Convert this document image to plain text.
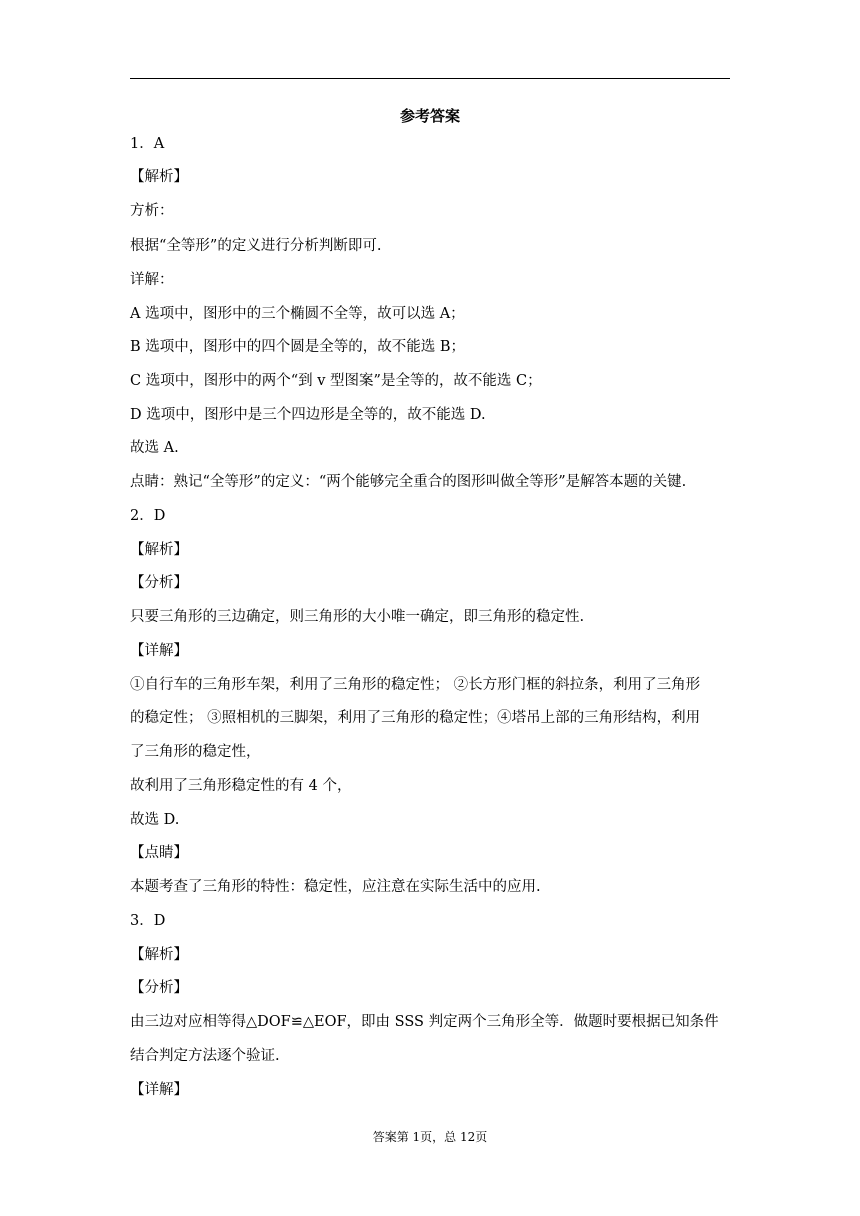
参考答案
1．A
【解析】
方析：
根据“全等形”的定义进行分析判断即可.
详解：
A 选项中，图形中的三个椭圆不全等，故可以选 A；
B 选项中，图形中的四个圆是全等的，故不能选 B；
C 选项中，图形中的两个“到 v 型图案”是全等的，故不能选 C；
D 选项中，图形中是三个四边形是全等的，故不能选 D.
故选 A.
点睛：熟记“全等形”的定义：“两个能够完全重合的图形叫做全等形”是解答本题的关键.
2．D
【解析】
【分析】
只要三角形的三边确定，则三角形的大小唯一确定，即三角形的稳定性.
【详解】
①自行车的三角形车架，利用了三角形的稳定性； ②长方形门框的斜拉条，利用了三角形
的稳定性； ③照相机的三脚架，利用了三角形的稳定性；④塔吊上部的三角形结构，利用
了三角形的稳定性，
故利用了三角形稳定性的有 4 个，
故选 D.
【点睛】
本题考查了三角形的特性：稳定性，应注意在实际生活中的应用.
3．D
【解析】
【分析】
由三边对应相等得△DOF≌△EOF，即由 SSS 判定两个三角形全等．做题时要根据已知条件
结合判定方法逐个验证.
【详解】
答案第 1页，总 12页
